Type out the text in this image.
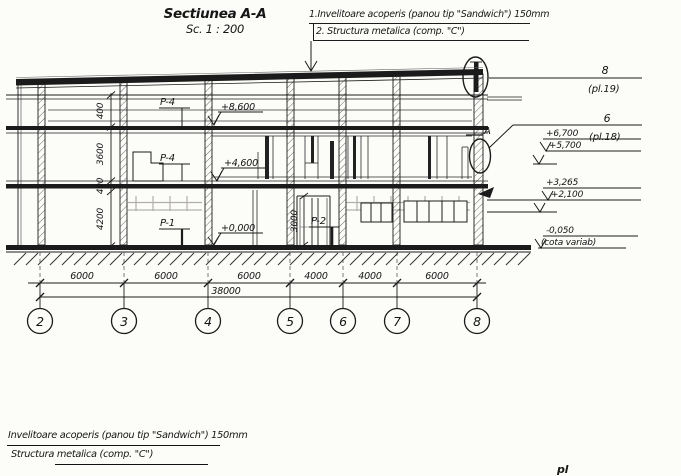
Sectiunea A-A
Sc. 1 : 200
1.Invelitoare acoperis (panou tip "Sandwich") 150mm
2. Structura metalica (comp. "C")
Invelitoare acoperis (panou tip "Sandwich") 150mm
Structura metalica (comp. "C")
pl
P-4
P-4
P-1	P-2
+8,600
+4,600
+0,000	3000
400
3600
400
4200
8
(pl.19)
6
(pl.18)
A	+6,700
+5,700
+3,265
+2,100
-0,050
(cota variab)
6000	6000	6000	4000	4000	6000
38000
2	3	4	5	6	7	8
